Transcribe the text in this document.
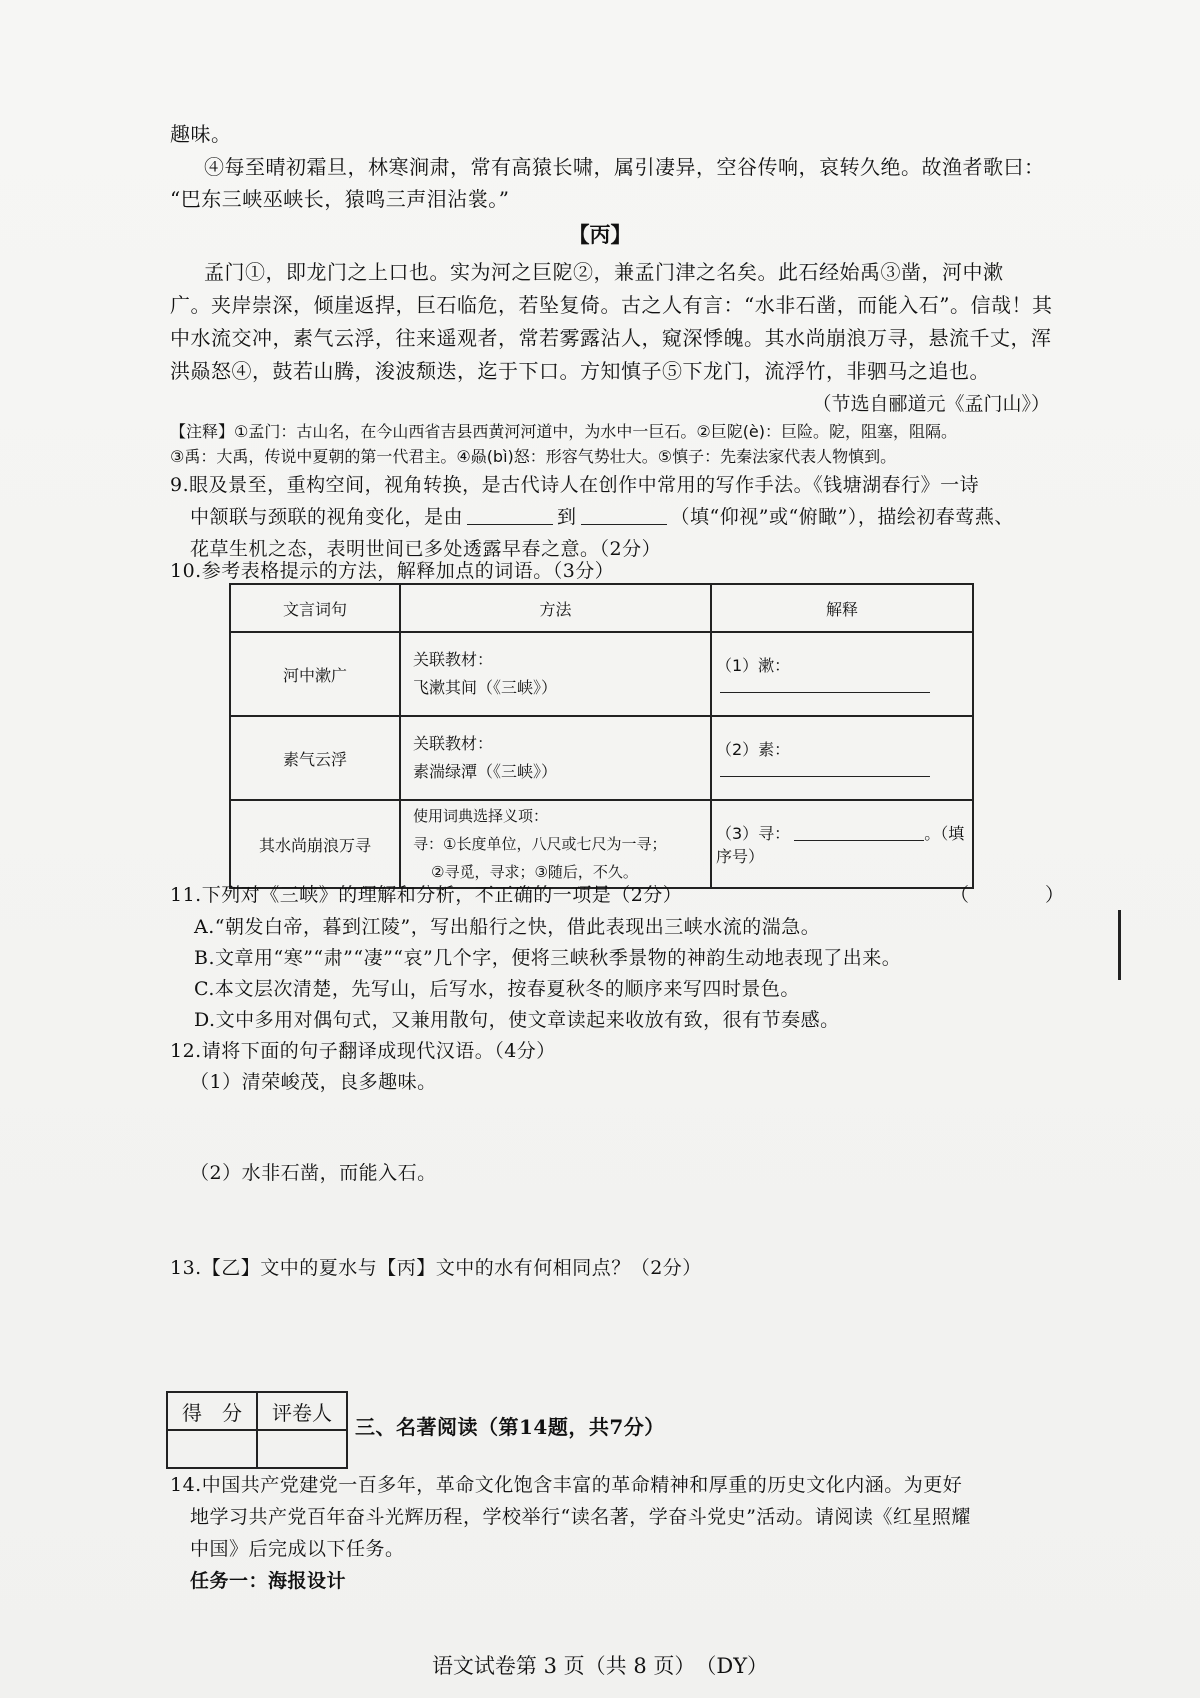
趣味。
④每至晴初霜旦，林寒涧肃，常有高猿长啸，属引凄异，空谷传响，哀转久绝。故渔者歌曰：
“巴东三峡巫峡长，猿鸣三声泪沾裳。”
【丙】
孟门①，即龙门之上口也。实为河之巨阸②，兼孟门津之名矣。此石经始禹③凿，河中漱
广。夹岸崇深，倾崖返捍，巨石临危，若坠复倚。古之人有言：“水非石凿，而能入石”。信哉！其
中水流交冲，素气云浮，往来遥观者，常若雾露沾人，窥深悸魄。其水尚崩浪万寻，悬流千丈，浑
洪赑怒④，鼓若山腾，浚波颓迭，迄于下口。方知慎子⑤下龙门，流浮竹，非驷马之追也。
（节选自郦道元《孟门山》）
【注释】①孟门：古山名，在今山西省吉县西黄河河道中，为水中一巨石。②巨阸(è)：巨险。阸，阻塞，阻隔。
③禹：大禹，传说中夏朝的第一代君主。④赑(bì)怒：形容气势壮大。⑤慎子：先秦法家代表人物慎到。
9.眼及景至，重构空间，视角转换，是古代诗人在创作中常用的写作手法。《钱塘湖春行》一诗
中颔联与颈联的视角变化，是由	到	（填“仰视”或“俯瞰”），描绘初春莺燕、
花草生机之态，表明世间已多处透露早春之意。（2分）
10.参考表格提示的方法，解释加点的词语。（3分）
文言词句	方法	解释
河中漱广	关联教材：
飞漱其间（《三峡》）	（1）漱：
素气云浮	关联教材：
素湍绿潭（《三峡》）	（2）素：
其水尚崩浪万寻	使用词典选择义项：
寻：①长度单位，八尺或七尺为一寻；
②寻觅，寻求；③随后，不久。	（3）寻： 。（填序号）
11.下列对《三峡》的理解和分析，不正确的一项是（2分）	（　　　　）
A.“朝发白帝，暮到江陵”，写出船行之快，借此表现出三峡水流的湍急。
B.文章用“寒”“肃”“凄”“哀”几个字，便将三峡秋季景物的神韵生动地表现了出来。
C.本文层次清楚，先写山，后写水，按春夏秋冬的顺序来写四时景色。
D.文中多用对偶句式，又兼用散句，使文章读起来收放有致，很有节奏感。
12.请将下面的句子翻译成现代汉语。（4分）
（1）清荣峻茂，良多趣味。
（2）水非石凿，而能入石。
13.【乙】文中的夏水与【丙】文中的水有何相同点？（2分）
得　分	评卷人

三、名著阅读（第14题，共7分）
14.中国共产党建党一百多年，革命文化饱含丰富的革命精神和厚重的历史文化内涵。为更好
地学习共产党百年奋斗光辉历程，学校举行“读名著，学奋斗党史”活动。请阅读《红星照耀
中国》后完成以下任务。
任务一：海报设计
语文试卷第 3 页（共 8 页）　（DY）
